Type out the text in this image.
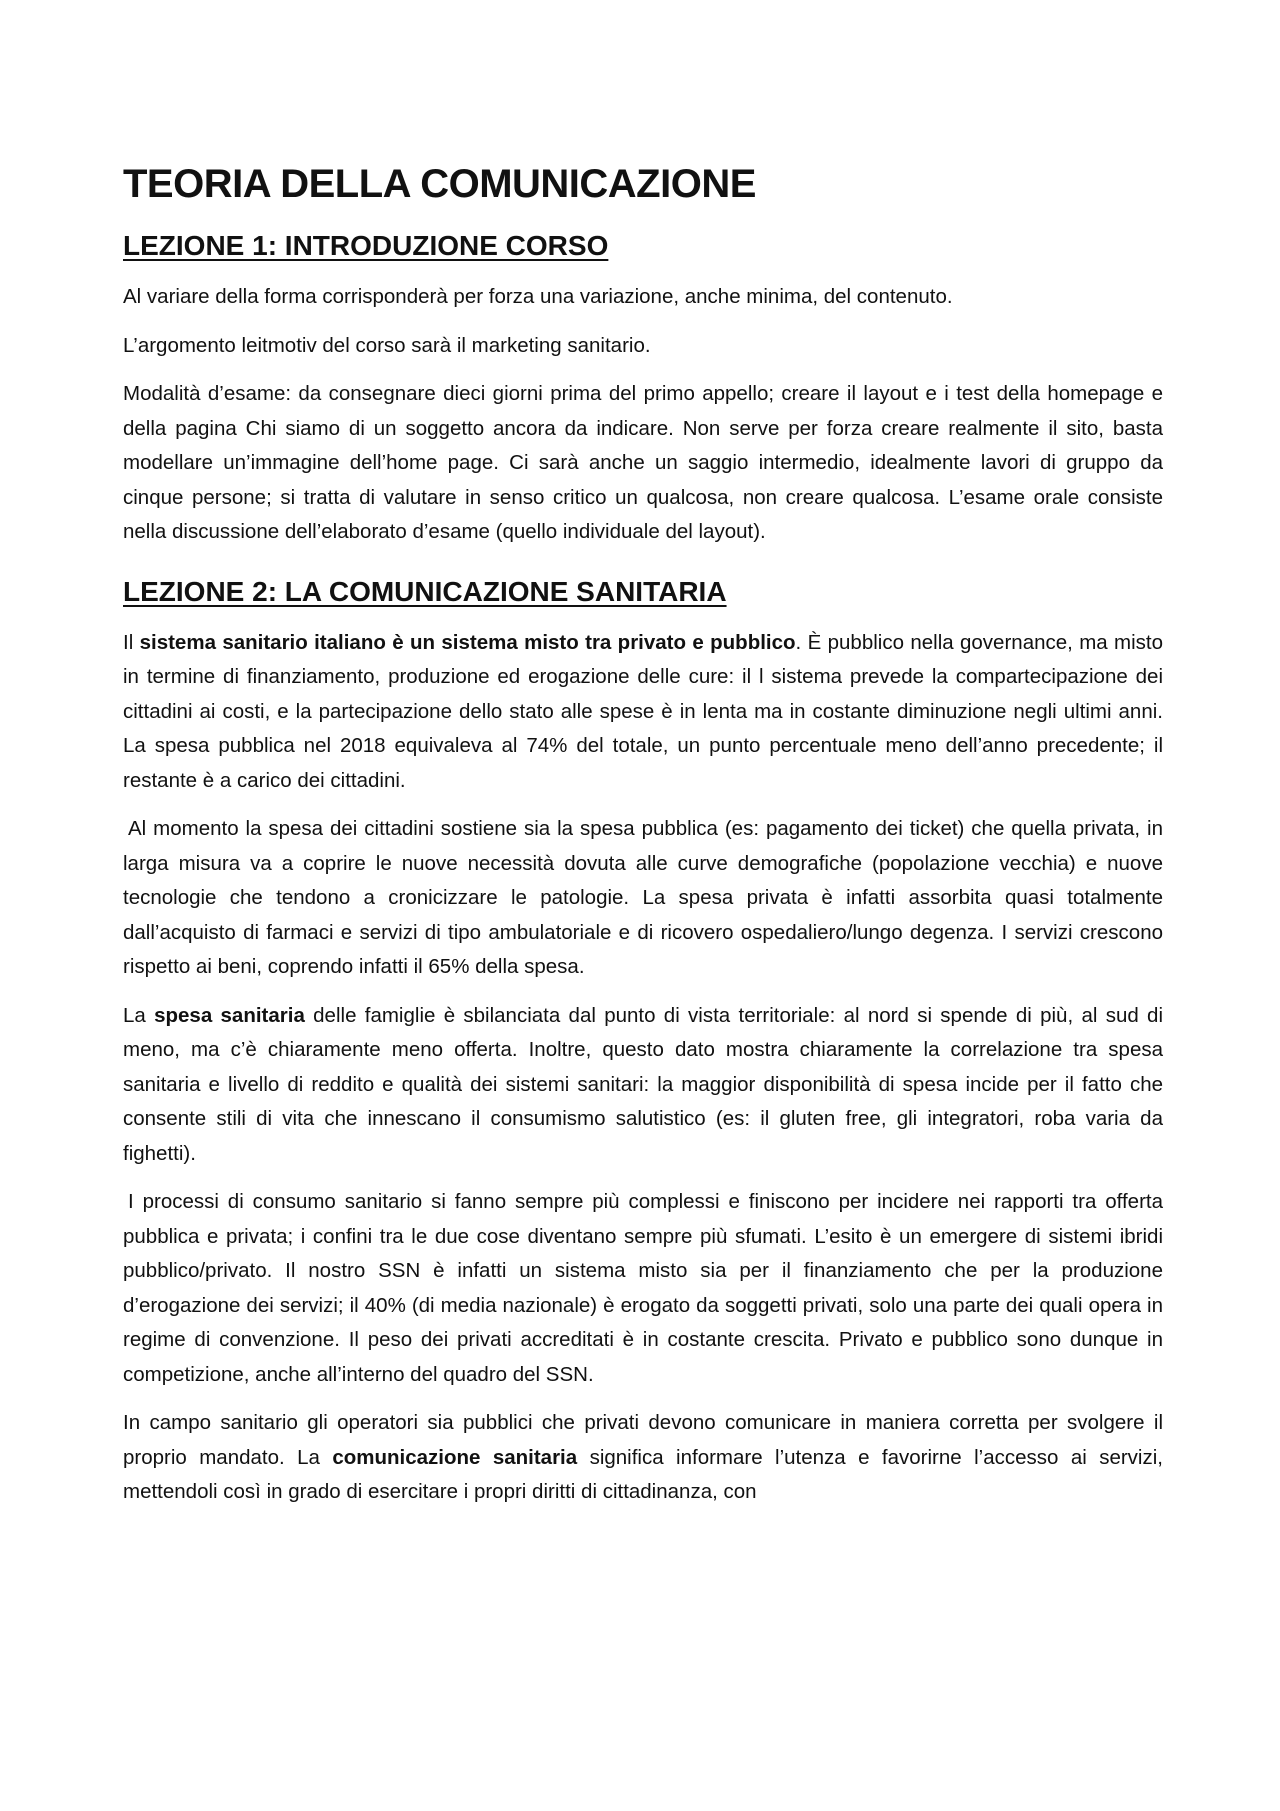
TEORIA DELLA COMUNICAZIONE
LEZIONE 1: INTRODUZIONE CORSO

Al variare della forma corrisponderà per forza una variazione, anche minima, del contenuto.

L’argomento leitmotiv del corso sarà il marketing sanitario.

Modalità d’esame: da consegnare dieci giorni prima del primo appello; creare il layout e i test della homepage e della pagina Chi siamo di un soggetto ancora da indicare. Non serve per forza creare realmente il sito, basta modellare un’immagine dell’home page. Ci sarà anche un saggio intermedio, idealmente lavori di gruppo da cinque persone; si tratta di valutare in senso critico un qualcosa, non creare qualcosa. L’esame orale consiste nella discussione dell’elaborato d’esame (quello individuale del layout).

LEZIONE 2: LA COMUNICAZIONE SANITARIA

Il sistema sanitario italiano è un sistema misto tra privato e pubblico. È pubblico nella governance, ma misto in termine di finanziamento, produzione ed erogazione delle cure: il l sistema prevede la compartecipazione dei cittadini ai costi, e la partecipazione dello stato alle spese è in lenta ma in costante diminuzione negli ultimi anni. La spesa pubblica nel 2018 equivaleva al 74% del totale, un punto percentuale meno dell’anno precedente; il restante è a carico dei cittadini.

Al momento la spesa dei cittadini sostiene sia la spesa pubblica (es: pagamento dei ticket) che quella privata, in larga misura va a coprire le nuove necessità dovuta alle curve demografiche (popolazione vecchia) e nuove tecnologie che tendono a cronicizzare le patologie. La spesa privata è infatti assorbita quasi totalmente dall’acquisto di farmaci e servizi di tipo ambulatoriale e di ricovero ospedaliero/lungo degenza. I servizi crescono rispetto ai beni, coprendo infatti il 65% della spesa.

La spesa sanitaria delle famiglie è sbilanciata dal punto di vista territoriale: al nord si spende di più, al sud di meno, ma c’è chiaramente meno offerta. Inoltre, questo dato mostra chiaramente la correlazione tra spesa sanitaria e livello di reddito e qualità dei sistemi sanitari: la maggior disponibilità di spesa incide per il fatto che consente stili di vita che innescano il consumismo salutistico (es: il gluten free, gli integratori, roba varia da fighetti).

I processi di consumo sanitario si fanno sempre più complessi e finiscono per incidere nei rapporti tra offerta pubblica e privata; i confini tra le due cose diventano sempre più sfumati. L’esito è un emergere di sistemi ibridi pubblico/privato. Il nostro SSN è infatti un sistema misto sia per il finanziamento che per la produzione d’erogazione dei servizi; il 40% (di media nazionale) è erogato da soggetti privati, solo una parte dei quali opera in regime di convenzione. Il peso dei privati accreditati è in costante crescita. Privato e pubblico sono dunque in competizione, anche all’interno del quadro del SSN.

In campo sanitario gli operatori sia pubblici che privati devono comunicare in maniera corretta per svolgere il proprio mandato. La comunicazione sanitaria significa informare l’utenza e favorirne l’accesso ai servizi, mettendoli così in grado di esercitare i propri diritti di cittadinanza, con
